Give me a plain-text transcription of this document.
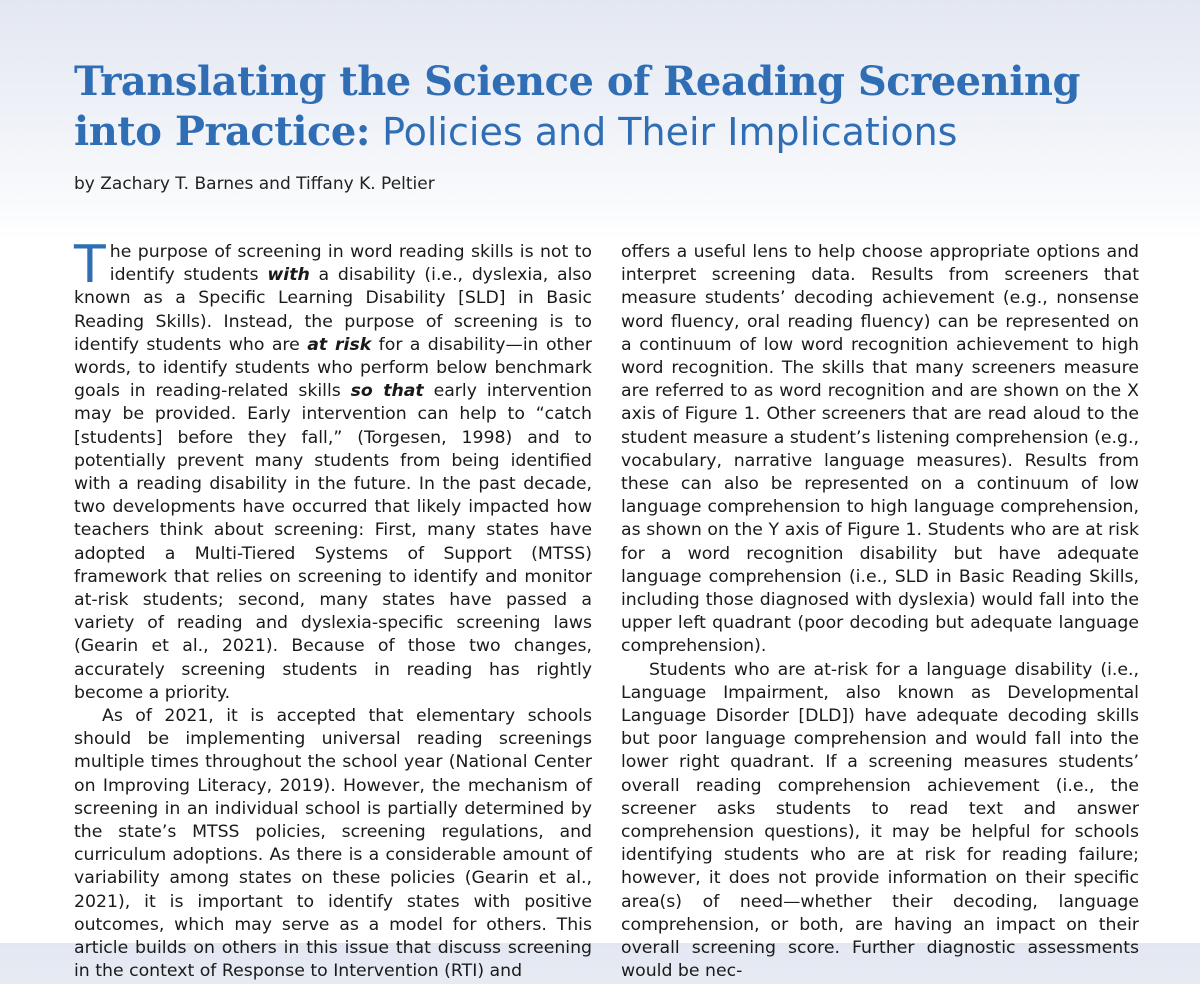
Translating the Science of Reading Screening into Practice: Policies and Their Implications
by Zachary T. Barnes and Tiffany K. Peltier

The purpose of screening in word reading skills is not to identify students with a disability (i.e., dyslexia, also known as a Specific Learning Disability [SLD] in Basic Reading Skills). Instead, the purpose of screening is to identify students who are at risk for a disability—in other words, to identify students who perform below benchmark goals in reading-related skills so that early intervention may be provided. Early intervention can help to “catch [students] before they fall,” (Torgesen, 1998) and to potentially prevent many students from being identified with a reading disability in the future. In the past decade, two developments have occurred that likely impacted how teachers think about screening: First, many states have adopted a Multi-Tiered Systems of Support (MTSS) framework that relies on screening to identify and monitor at-risk students; second, many states have passed a variety of reading and dyslexia-specific screening laws (Gearin et al., 2021). Because of those two changes, accurately screening students in reading has rightly become a priority.

As of 2021, it is accepted that elementary schools should be implementing universal reading screenings multiple times throughout the school year (National Center on Improving Literacy, 2019). However, the mechanism of screening in an individual school is partially determined by the state’s MTSS policies, screening regulations, and curriculum adoptions. As there is a considerable amount of variability among states on these policies (Gearin et al., 2021), it is important to identify states with positive outcomes, which may serve as a model for others. This article builds on others in this issue that discuss screening in the context of Response to Intervention (RTI) and

offers a useful lens to help choose appropriate options and interpret screening data. Results from screeners that measure students’ decoding achievement (e.g., nonsense word fluency, oral reading fluency) can be represented on a continuum of low word recognition achievement to high word recognition. The skills that many screeners measure are referred to as word recognition and are shown on the X axis of Figure 1. Other screeners that are read aloud to the student measure a student’s listening comprehension (e.g., vocabulary, narrative language measures). Results from these can also be represented on a continuum of low language comprehension to high language comprehension, as shown on the Y axis of Figure 1. Students who are at risk for a word recognition disability but have adequate language comprehension (i.e., SLD in Basic Reading Skills, including those diagnosed with dyslexia) would fall into the upper left quadrant (poor decoding but adequate language comprehension).

Students who are at-risk for a language disability (i.e., Language Impairment, also known as Developmental Language Disorder [DLD]) have adequate decoding skills but poor language comprehension and would fall into the lower right quadrant. If a screening measures students’ overall reading comprehension achievement (i.e., the screener asks students to read text and answer comprehension questions), it may be helpful for schools identifying students who are at risk for reading failure; however, it does not provide information on their specific area(s) of need—whether their decoding, language comprehension, or both, are having an impact on their overall screening score. Further diagnostic assessments would be nec-
